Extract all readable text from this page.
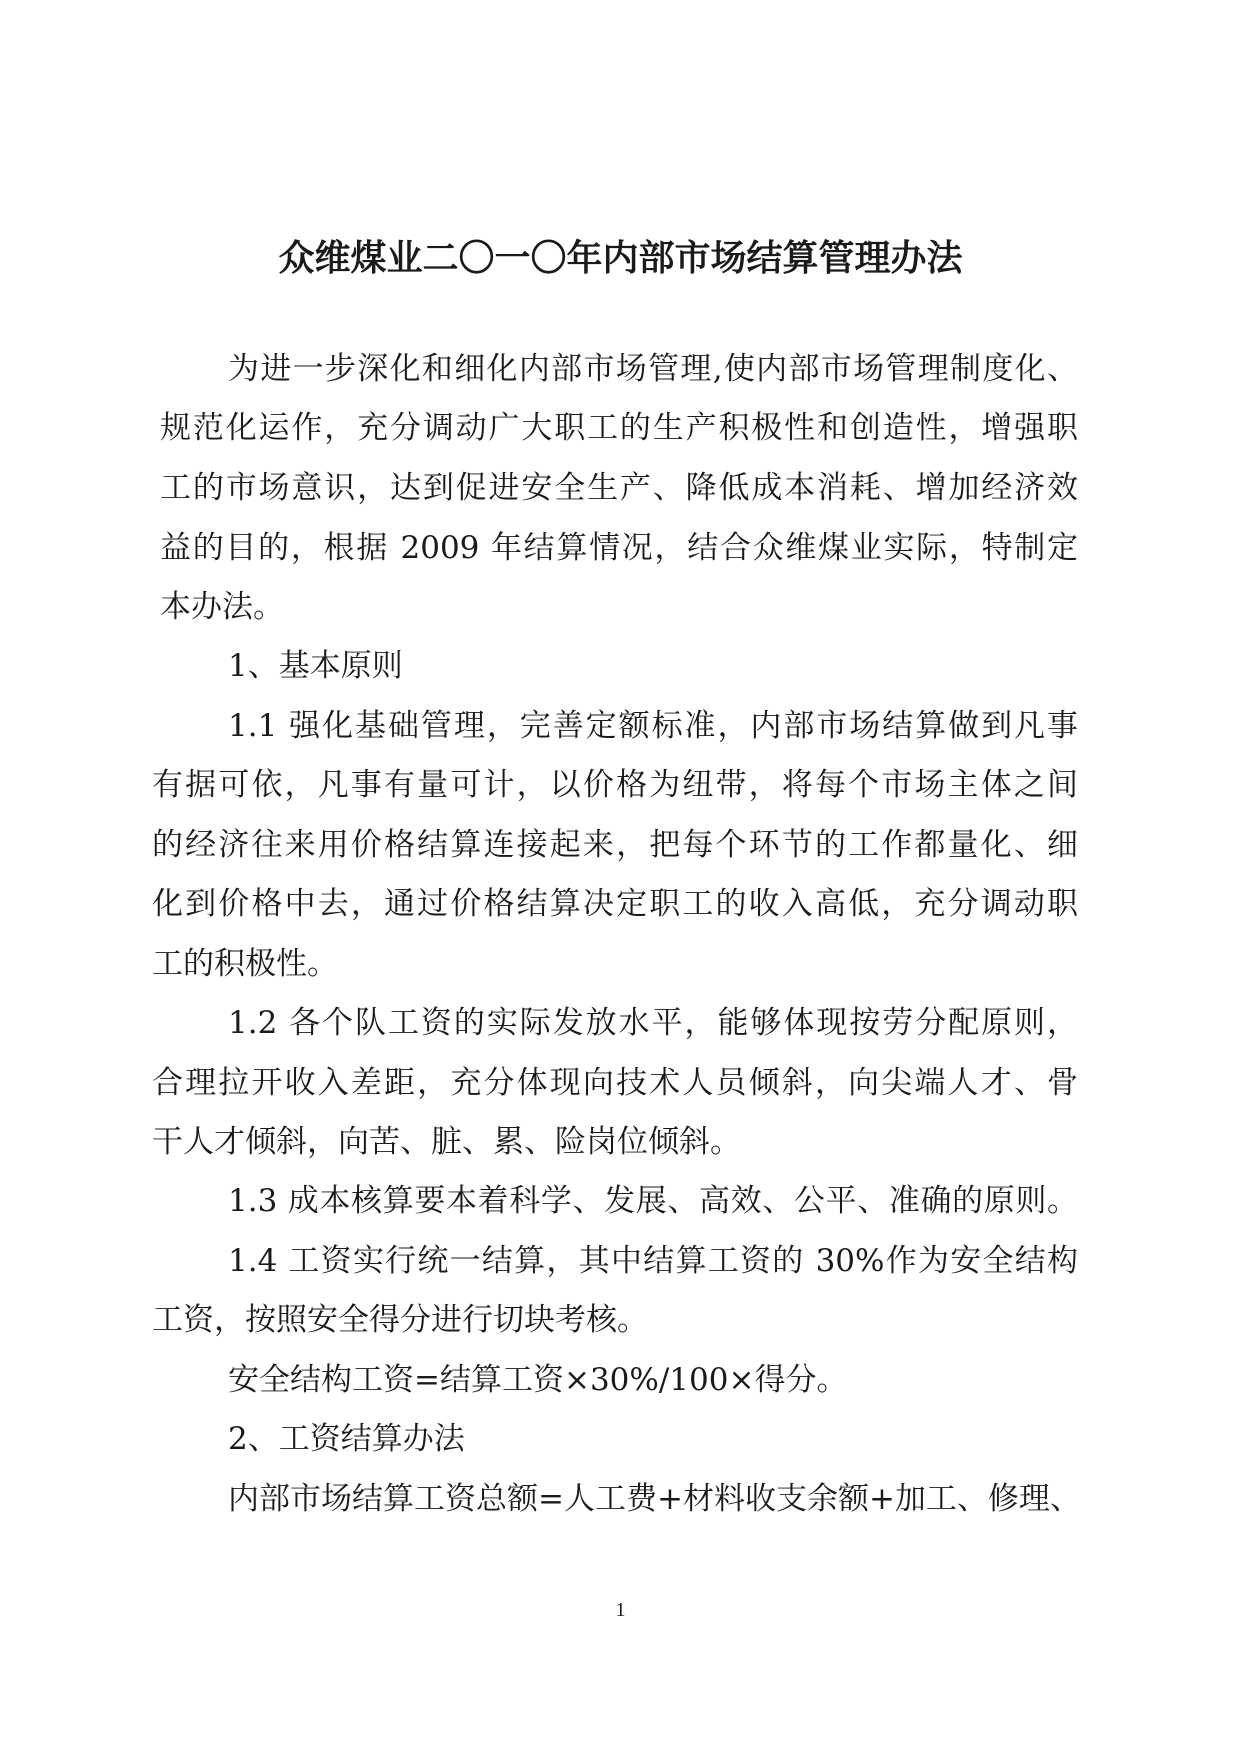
众维煤业二〇一〇年内部市场结算管理办法
为进一步深化和细化内部市场管理,使内部市场管理制度化、
规范化运作，充分调动广大职工的生产积极性和创造性，增强职
工的市场意识，达到促进安全生产、降低成本消耗、增加经济效
益的目的，根据 2009 年结算情况，结合众维煤业实际，特制定
本办法。
1、基本原则
1.1 强化基础管理，完善定额标准，内部市场结算做到凡事
有据可依，凡事有量可计，以价格为纽带，将每个市场主体之间
的经济往来用价格结算连接起来，把每个环节的工作都量化、细
化到价格中去，通过价格结算决定职工的收入高低，充分调动职
工的积极性。
1.2 各个队工资的实际发放水平，能够体现按劳分配原则，
合理拉开收入差距，充分体现向技术人员倾斜，向尖端人才、骨
干人才倾斜，向苦、脏、累、险岗位倾斜。
1.3 成本核算要本着科学、发展、高效、公平、准确的原则。
1.4 工资实行统一结算，其中结算工资的 30%作为安全结构
工资，按照安全得分进行切块考核。
安全结构工资=结算工资×30%/100×得分。
2、工资结算办法
内部市场结算工资总额=人工费+材料收支余额+加工、修理、
1
